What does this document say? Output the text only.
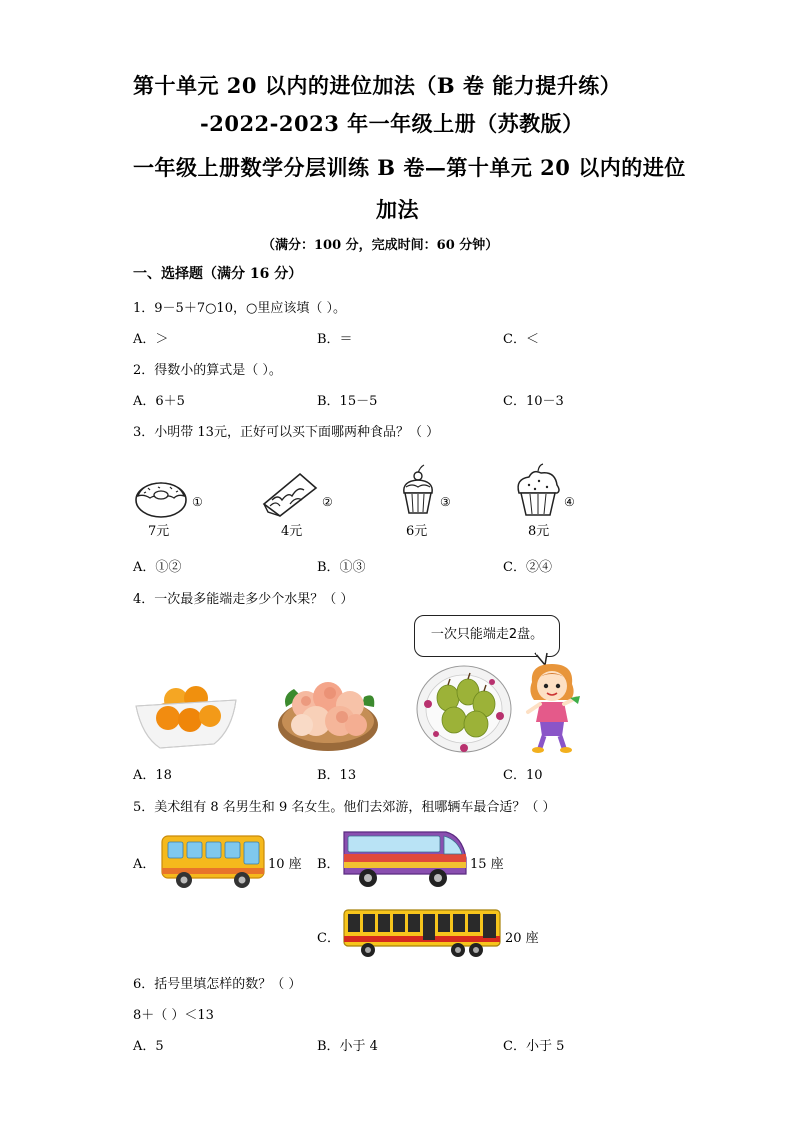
第十单元 20 以内的进位加法（B 卷 能力提升练）
-2022-2023 年一年级上册（苏教版）
一年级上册数学分层训练 B 卷—第十单元 20 以内的进位
加法
（满分：100 分，完成时间：60 分钟）
一、选择题（满分 16 分）
1．9－5＋7○10，○里应该填（ ）。
A．＞	B．＝	C．＜
2．得数小的算式是（ ）。
A．6＋5	B．15－5	C．10－3
3．小明带 13元，正好可以买下面哪两种食品？（ ）
①
7元
②
4元
③
6元
④
8元
A．①②	B．①③	C．②④
4．一次最多能端走多少个水果？（ ）
一次只能端走2盘。
A．18	B．13	C．10
5．美术组有 8 名男生和 9 名女生。他们去郊游，租哪辆车最合适？（ ）
A．	10 座 B．	15 座
C．	20 座
6．括号里填怎样的数？（ ）
8＋（ ）＜13
A．5	B．小于 4	C．小于 5
